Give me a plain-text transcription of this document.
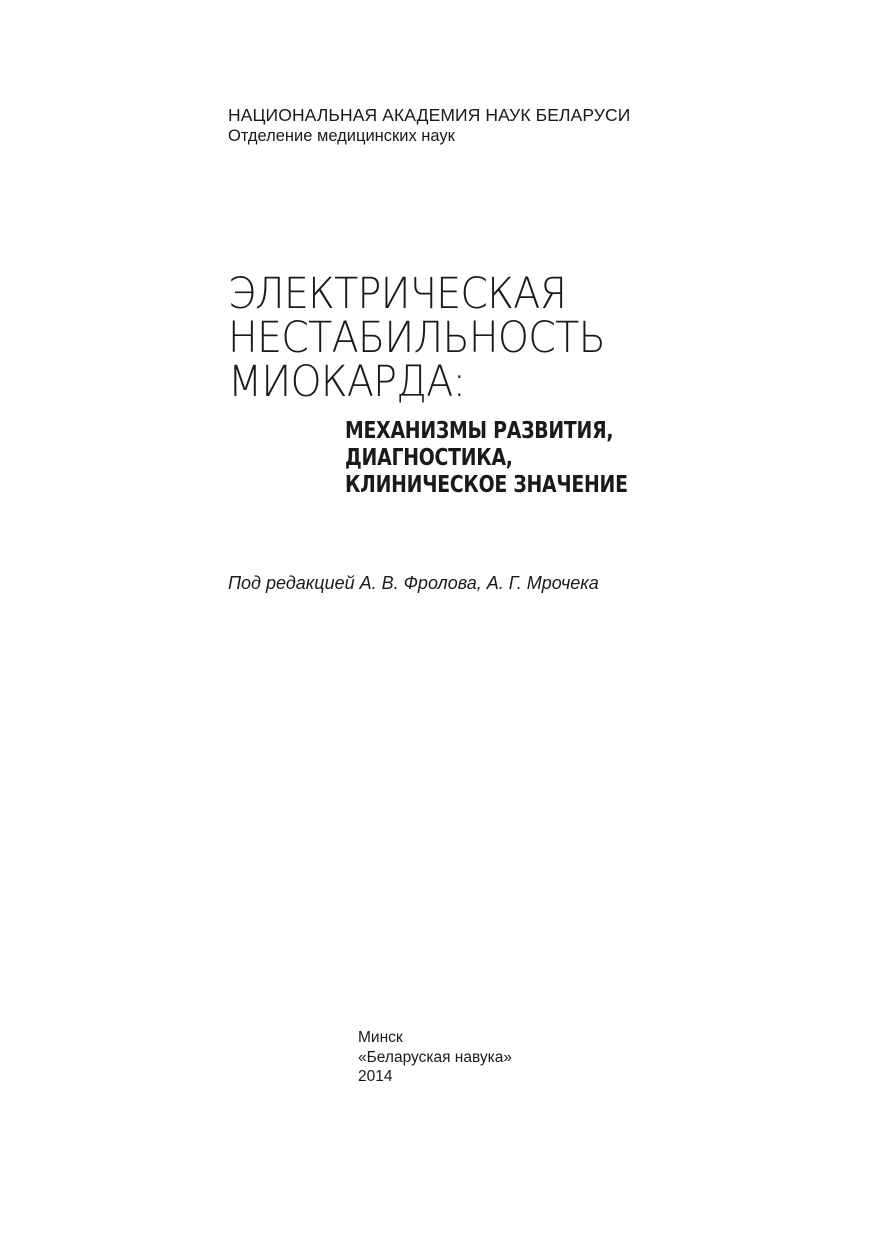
НАЦИОНАЛЬНАЯ АКАДЕМИЯ НАУК БЕЛАРУСИ
Отделение медицинских наук
ЭЛЕКТРИЧЕСКАЯ
НЕСТАБИЛЬНОСТЬ
МИОКАРДА:
МЕХАНИЗМЫ РАЗВИТИЯ,
ДИАГНОСТИКА,
КЛИНИЧЕСКОЕ ЗНАЧЕНИЕ
Под редакцией А. В. Фролова, А. Г. Мрочека
Минск
«Беларуская навука»
2014
